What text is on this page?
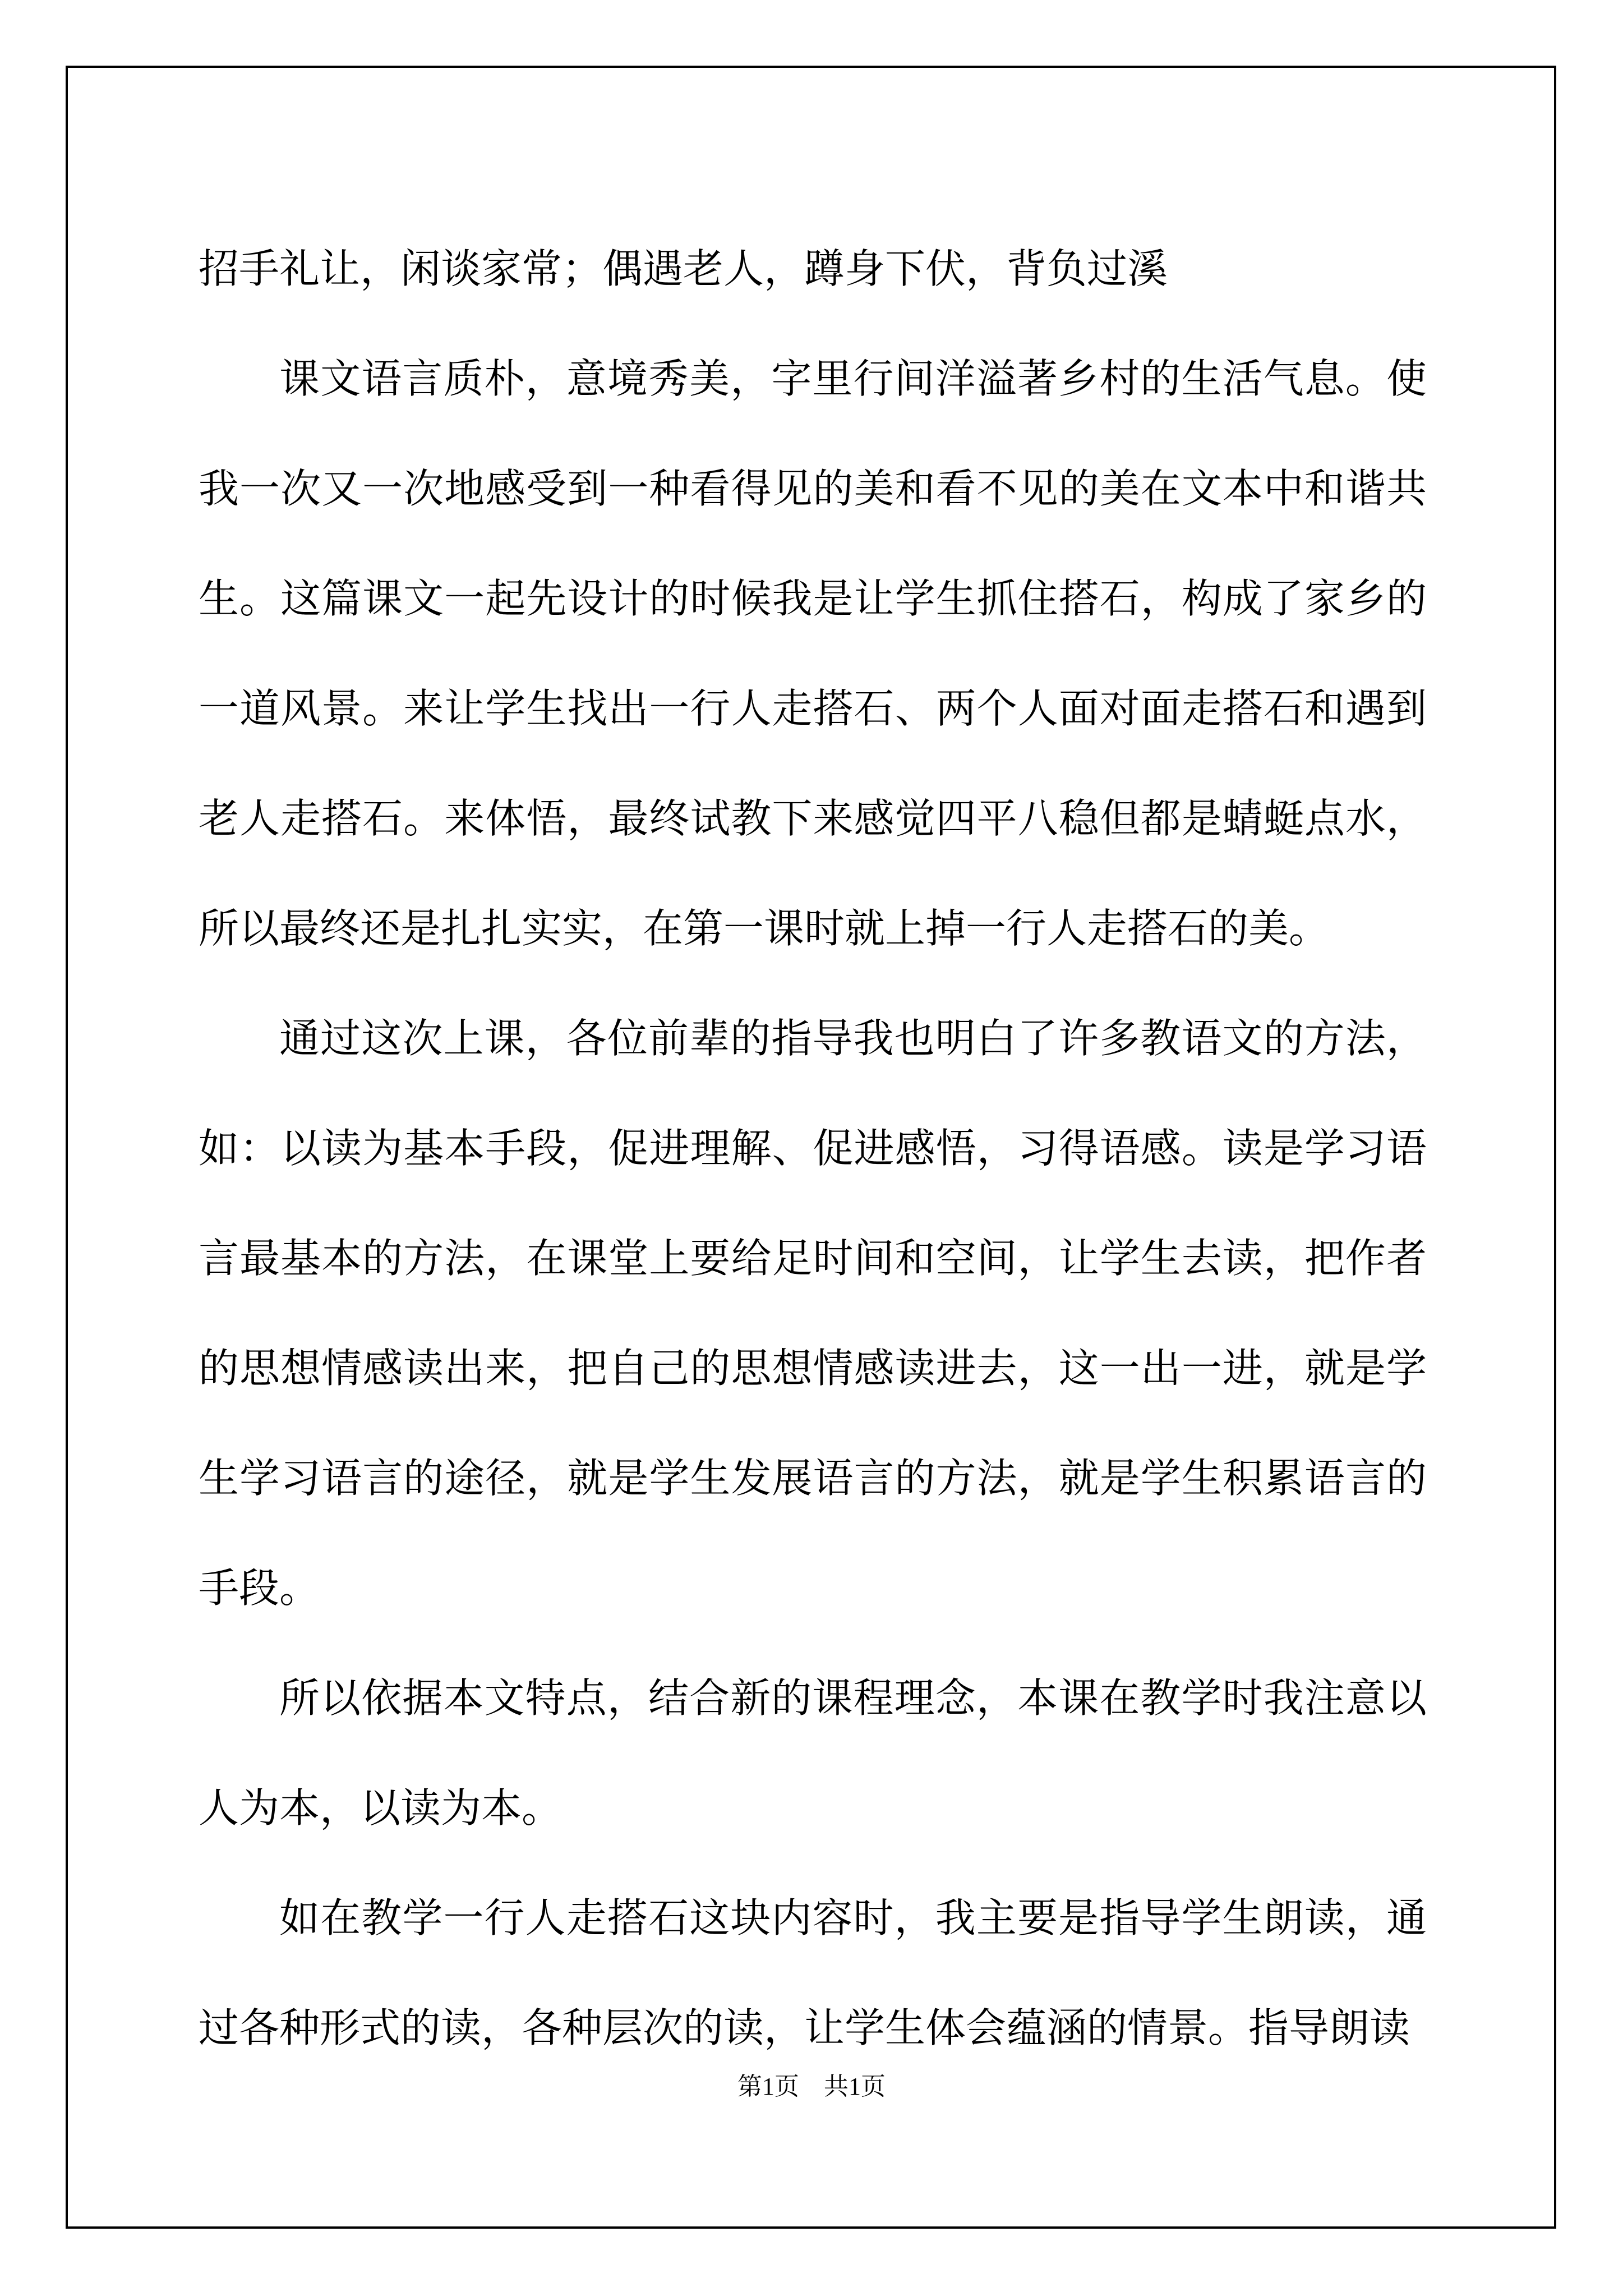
招手礼让，闲谈家常；偶遇老人，蹲身下伏，背负过溪

课文语言质朴，意境秀美，字里行间洋溢著乡村的生活气息。使我一次又一次地感受到一种看得见的美和看不见的美在文本中和谐共生。这篇课文一起先设计的时候我是让学生抓住搭石，构成了家乡的一道风景。来让学生找出一行人走搭石、两个人面对面走搭石和遇到老人走搭石。来体悟，最终试教下来感觉四平八稳但都是蜻蜓点水，所以最终还是扎扎实实，在第一课时就上掉一行人走搭石的美。

通过这次上课，各位前辈的指导我也明白了许多教语文的方法，如：以读为基本手段，促进理解、促进感悟，习得语感。读是学习语言最基本的方法，在课堂上要给足时间和空间，让学生去读，把作者的思想情感读出来，把自己的思想情感读进去，这一出一进，就是学生学习语言的途径，就是学生发展语言的方法，就是学生积累语言的手段。

所以依据本文特点，结合新的课程理念，本课在教学时我注意以人为本，以读为本。

如在教学一行人走搭石这块内容时，我主要是指导学生朗读，通过各种形式的读，各种层次的读，让学生体会蕴涵的情景。指导朗读

第1页　共1页
